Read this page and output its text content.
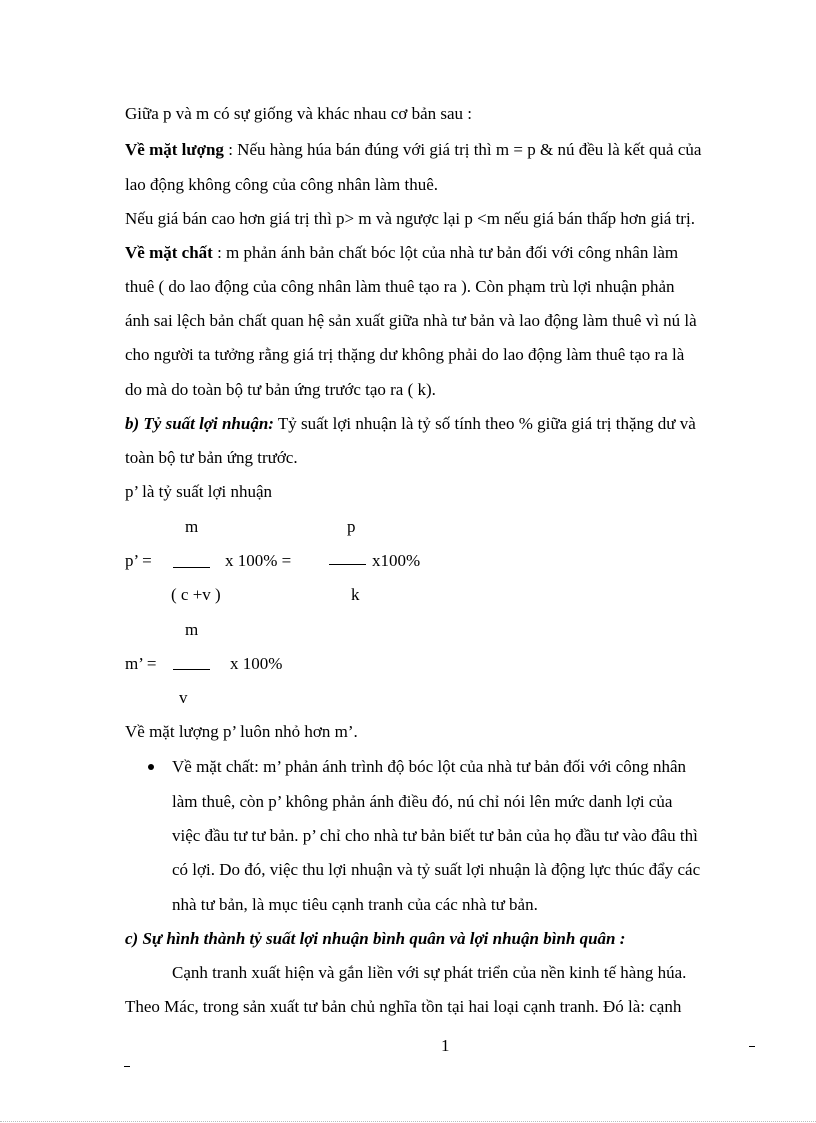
Giữa p và m có sự giống và khác nhau cơ bản sau :
Về mặt lượng : Nếu hàng húa bán đúng với giá trị thì m = p & nú đều là kết quả của
lao động không công của công nhân làm thuê.
Nếu giá bán cao hơn giá trị thì p> m và ngược lại p <m nếu giá bán thấp hơn giá trị.
Về mặt chất : m phản ánh bản chất bóc lột của nhà tư bản đối với công nhân làm
thuê ( do lao động của công nhân làm thuê tạo ra ). Còn phạm trù lợi nhuận phản
ánh sai lệch bản chất quan hệ sản xuất giữa nhà tư bản và lao động làm thuê vì nú là
cho người ta tưởng rằng giá trị thặng dư không phải do lao động làm thuê tạo ra là
do mà do toàn bộ tư bản ứng trước tạo ra ( k).
b) Tỷ suất lợi nhuận: Tỷ suất lợi nhuận là tỷ số tính theo % giữa giá trị thặng dư và
toàn bộ tư bản ứng trước.
p’ là tỷ suất lợi nhuận
m
p’ =	x 100% =
( c +v )
p
x100%
k
m
m’ =	x 100%
v
Về mặt lượng p’ luôn nhỏ hơn m’.
Về mặt chất: m’ phản ánh trình độ bóc lột của nhà tư bản đối với công nhân
làm thuê, còn p’ không phản ánh điều đó, nú chỉ nói lên mức danh lợi của
việc đầu tư tư bản. p’ chỉ cho nhà tư bản biết tư bản của họ đầu tư vào đâu thì
có lợi. Do đó, việc thu lợi nhuận và tỷ suất lợi nhuận là động lực thúc đẩy các
nhà tư bản, là mục tiêu cạnh tranh của các nhà tư bản.
c) Sự hình thành tỷ suất lợi nhuận bình quân và lợi nhuận bình quân :
Cạnh tranh xuất hiện và gắn liền với sự phát triển của nền kinh tế hàng húa.
Theo Mác, trong sản xuất tư bản chủ nghĩa tồn tại hai loại cạnh tranh. Đó là: cạnh
1
